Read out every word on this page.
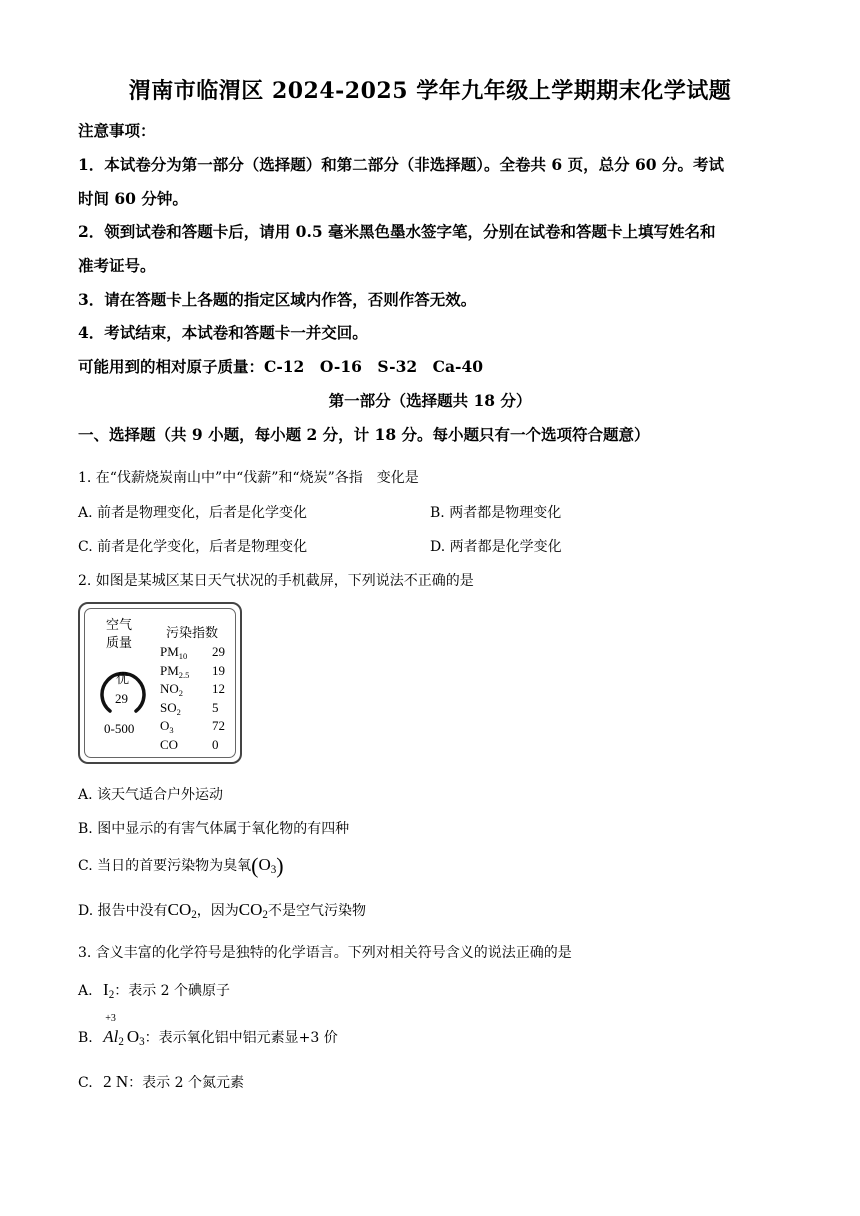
渭南市临渭区 2024-2025 学年九年级上学期期末化学试题
注意事项：
1．本试卷分为第一部分（选择题）和第二部分（非选择题）。全卷共 6 页，总分 60 分。考试
时间 60 分钟。
2．领到试卷和答题卡后，请用 0.5 毫米黑色墨水签字笔，分别在试卷和答题卡上填写姓名和
准考证号。
3．请在答题卡上各题的指定区域内作答，否则作答无效。
4．考试结束，本试卷和答题卡一并交回。
可能用到的相对原子质量：C-12　O-16　S-32　Ca-40
第一部分（选择题共 18 分）
一、选择题（共 9 小题，每小题 2 分，计 18 分。每小题只有一个选项符合题意）
1. 在“伐薪烧炭南山中”中“伐薪”和“烧炭”各指　变化是
A. 前者是物理变化，后者是化学变化	B. 两者都是物理变化
C. 前者是化学变化，后者是物理变化	D. 两者都是化学变化
2. 如图是某城区某日天气状况的手机截屏，下列说法不正确的是
空气
质量
优
29
0-500
污染指数
$PM_{10}$ 29
$PM_{2.5}$ 19
$NO_2$ 12
$SO_2$ 5
$O_3$	72
CO	0
A. 该天气适合户外运动
B. 图中显示的有害气体属于氧化物的有四种
C. 当日的首要污染物为臭氧$(O_3)$
D. 报告中没有$CO_2$，因为$CO_2$不是空气污染物
3. 含义丰富的化学符号是独特的化学语言。下列对相关符号含义的说法正确的是
A. $I_2$：表示 2 个碘原子
B.
+3
$Al_2$ $O_3$：表示氧化铝中铝元素显+3 价
C. 2 N：表示 2 个氮元素
